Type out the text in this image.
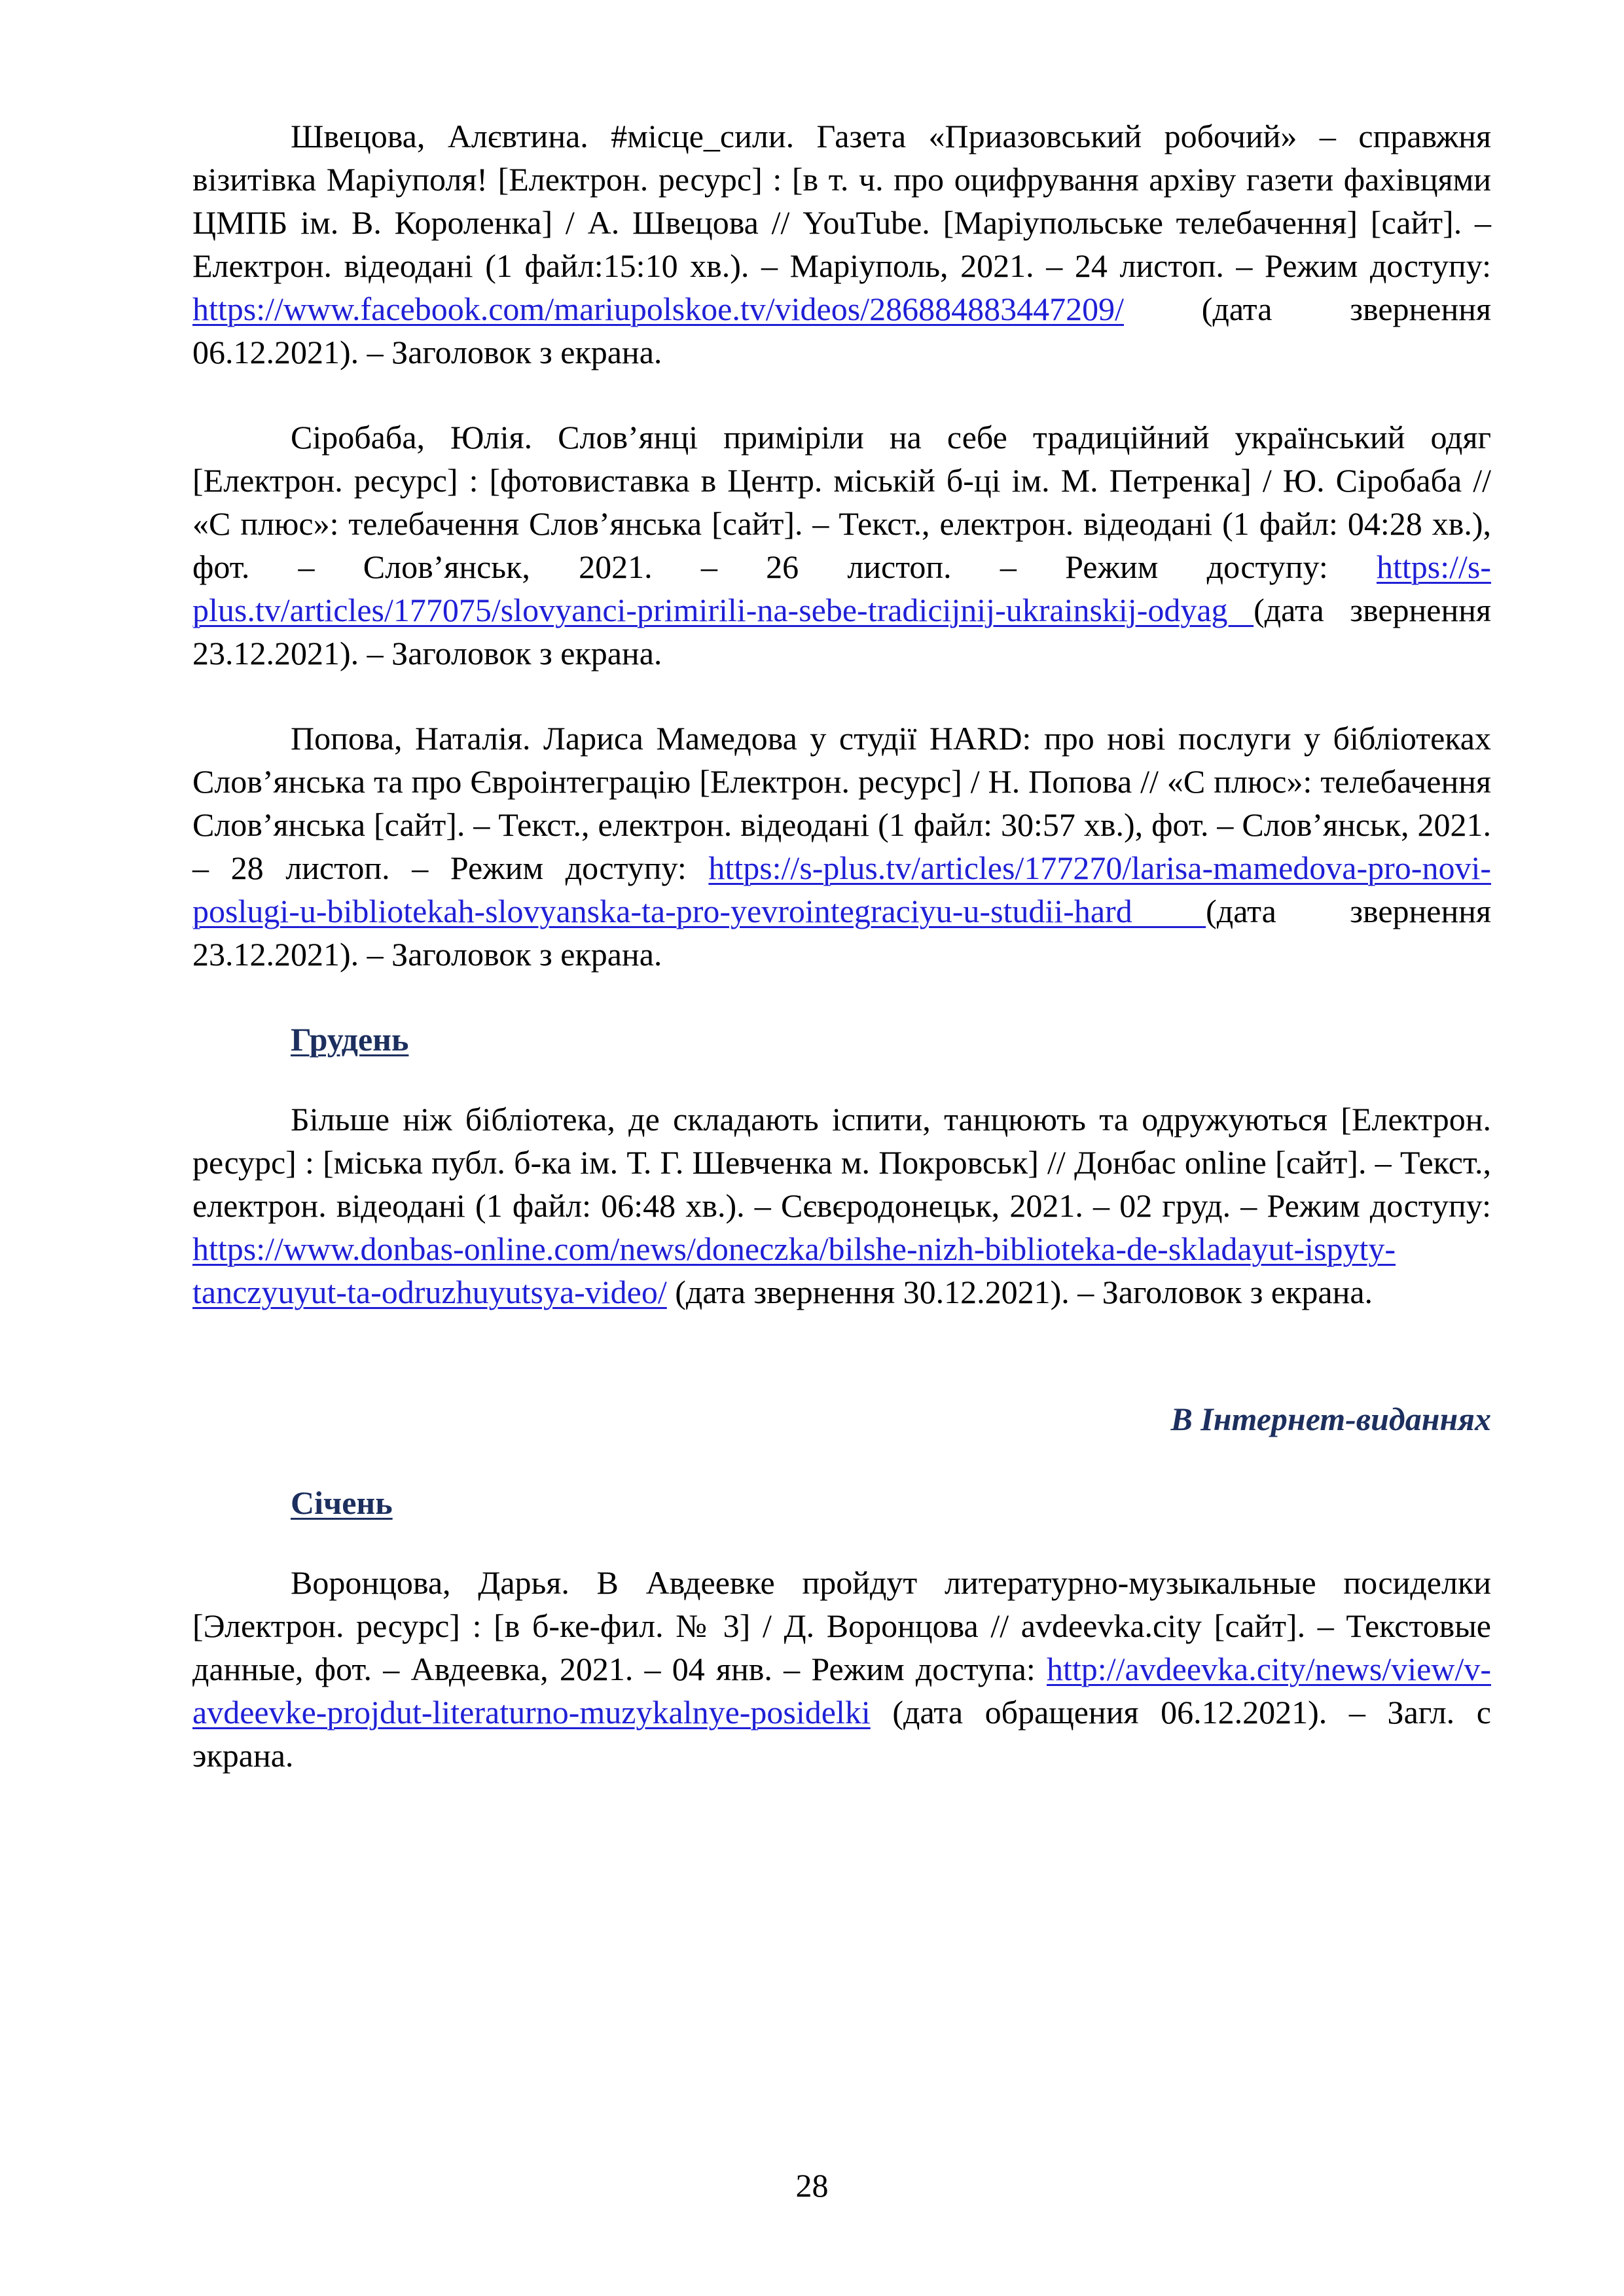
Швецова, Алєвтина. #місце_сили. Газета «Приазовський робочий» – справжня візитівка Маріуполя! [Електрон. ресурс] : [в т. ч. про оцифрування архіву газети фахівцями ЦМПБ ім. В. Короленка] / А. Швецова // YouTube. [Маріупольське телебачення] [сайт]. – Електрон. відеодані (1 файл:15:10 хв.). – Маріуполь, 2021. – 24 листоп. – Режим доступу: https://www.facebook.com/mariupolskoe.tv/videos/286884883447209/ (дата звернення 06.12.2021). – Заголовок з екрана.

Сіробаба, Юлія. Слов’янці приміріли на себе традиційний український одяг [Електрон. ресурс] : [фотовиставка в Центр. міській б-ці ім. М. Петренка] / Ю. Сіробаба // «С плюс»: телебачення Слов’янська [сайт]. – Текст., електрон. відеодані (1 файл: 04:28 хв.), фот. – Слов’янськ, 2021. – 26 листоп. – Режим доступу: https://s-plus.tv/articles/177075/slovyanci-primirili-na-sebe-tradicijnij-ukrainskij-odyag (дата звернення 23.12.2021). – Заголовок з екрана.

Попова, Наталія. Лариса Мамедова у студії HARD: про нові послуги у бібліотеках Слов’янська та про Євроінтеграцію [Електрон. ресурс] / Н. Попова // «С плюс»: телебачення Слов’янська [сайт]. – Текст., електрон. відеодані (1 файл: 30:57 хв.), фот. – Слов’янськ, 2021. – 28 листоп. – Режим доступу: https://s-plus.tv/articles/177270/larisa-mamedova-pro-novi-poslugi-u-bibliotekah-slovyanska-ta-pro-yevrointegraciyu-u-studii-hard (дата звернення 23.12.2021). – Заголовок з екрана.

Грудень

Більше ніж бібліотека, де складають іспити, танцюють та одружуються [Електрон. ресурс] : [міська публ. б-ка ім. Т. Г. Шевченка м. Покровськ] // Донбас online [сайт]. – Текст., електрон. відеодані (1 файл: 06:48 хв.). – Сєвєродонецьк, 2021. – 02 груд. – Режим доступу: https://www.donbas-online.com/news/doneczka/bilshe-nizh-biblioteka-de-skladayut-ispyty-tanczyuyut-ta-odruzhuyutsya-video/ (дата звернення 30.12.2021). – Заголовок з екрана.

В Інтернет-виданнях
Січень

Воронцова, Дарья. В Авдеевке пройдут литературно-музыкальные посиделки [Электрон. ресурс] : [в б-ке-фил. № 3] / Д. Воронцова // avdeevka.city [сайт]. – Текстовые данные, фот. – Авдеевка, 2021. – 04 янв. – Режим доступа: http://avdeevka.city/news/view/v-avdeevke-projdut-literaturno-muzykalnye-posidelki (дата обращения 06.12.2021). – Загл. с экрана.

28
